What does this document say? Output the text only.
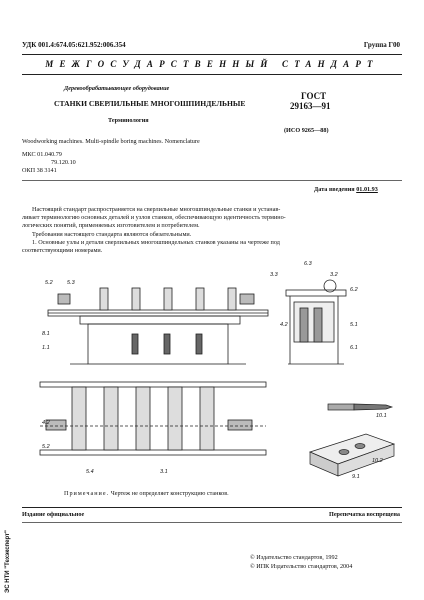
УДК 001.4:674.05:621.952:006.354	Группа Г00
МЕЖГОСУДАРСТВЕННЫЙ СТАНДАРТ
Деревообрабатывающее оборудование
СТАНКИ СВЕРЛИЛЬНЫЕ МНОГОШПИНДЕЛЬНЫЕ
Терминология
ГОСТ
29163—91
(ИСО 9265—88)
Woodworking machines. Multi-spindle boring machines. Nomenclature
МКС 01.040.79
79.120.10
ОКП 38 3141
Дата введения 01.01.93
Настоящий стандарт распространяется на сверлильные многошпиндельные станки и устанав-
ливает терминологию основных деталей и узлов станков, обеспечивающую идентичность термино-
логических понятий, применяемых изготовителем и потребителем.
Требования настоящего стандарта являются обязательными.
1. Основные узлы и детали сверлильных многошпиндельных станков указаны на чертеже под
соответствующими номерами.
5.2	5.3
8.1
1.1
3.3
6.3
3.2
6.2
4.2	5.1
6.1
4.2
5.2
5.4	3.1
10.1
10.2
9.1
Примечание. Чертеж не определяет конструкцию станков.
Издание официальное	Перепечатка воспрещена
© Издательство стандартов, 1992
© ИПК Издательство стандартов, 2004
ЭС НТИ "Техэксперт"
